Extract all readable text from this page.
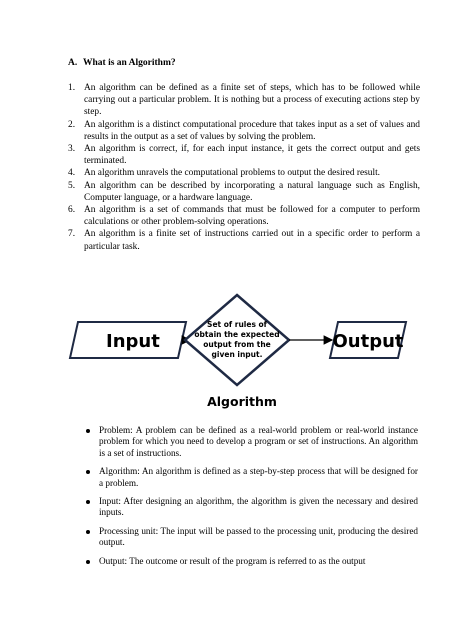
A. What is an Algorithm?
1. An algorithm can be defined as a finite set of steps, which has to be followed while carrying out a particular problem. It is nothing but a process of executing actions step by step.
2. An algorithm is a distinct computational procedure that takes input as a set of values and results in the output as a set of values by solving the problem.
3. An algorithm is correct, if, for each input instance, it gets the correct output and gets terminated.
4. An algorithm unravels the computational problems to output the desired result.
5. An algorithm can be described by incorporating a natural language such as English, Computer language, or a hardware language.
6. An algorithm is a set of commands that must be followed for a computer to perform calculations or other problem-solving operations.
7. An algorithm is a finite set of instructions carried out in a specific order to perform a particular task.
Input
Set of rules of
obtain the expected
output from the
given input.
Output
Algorithm
Problem: A problem can be defined as a real-world problem or real-world instance problem for which you need to develop a program or set of instructions. An algorithm is a set of instructions.
Algorithm: An algorithm is defined as a step-by-step process that will be designed for a problem.
Input: After designing an algorithm, the algorithm is given the necessary and desired inputs.
Processing unit: The input will be passed to the processing unit, producing the desired output.
Output: The outcome or result of the program is referred to as the output
